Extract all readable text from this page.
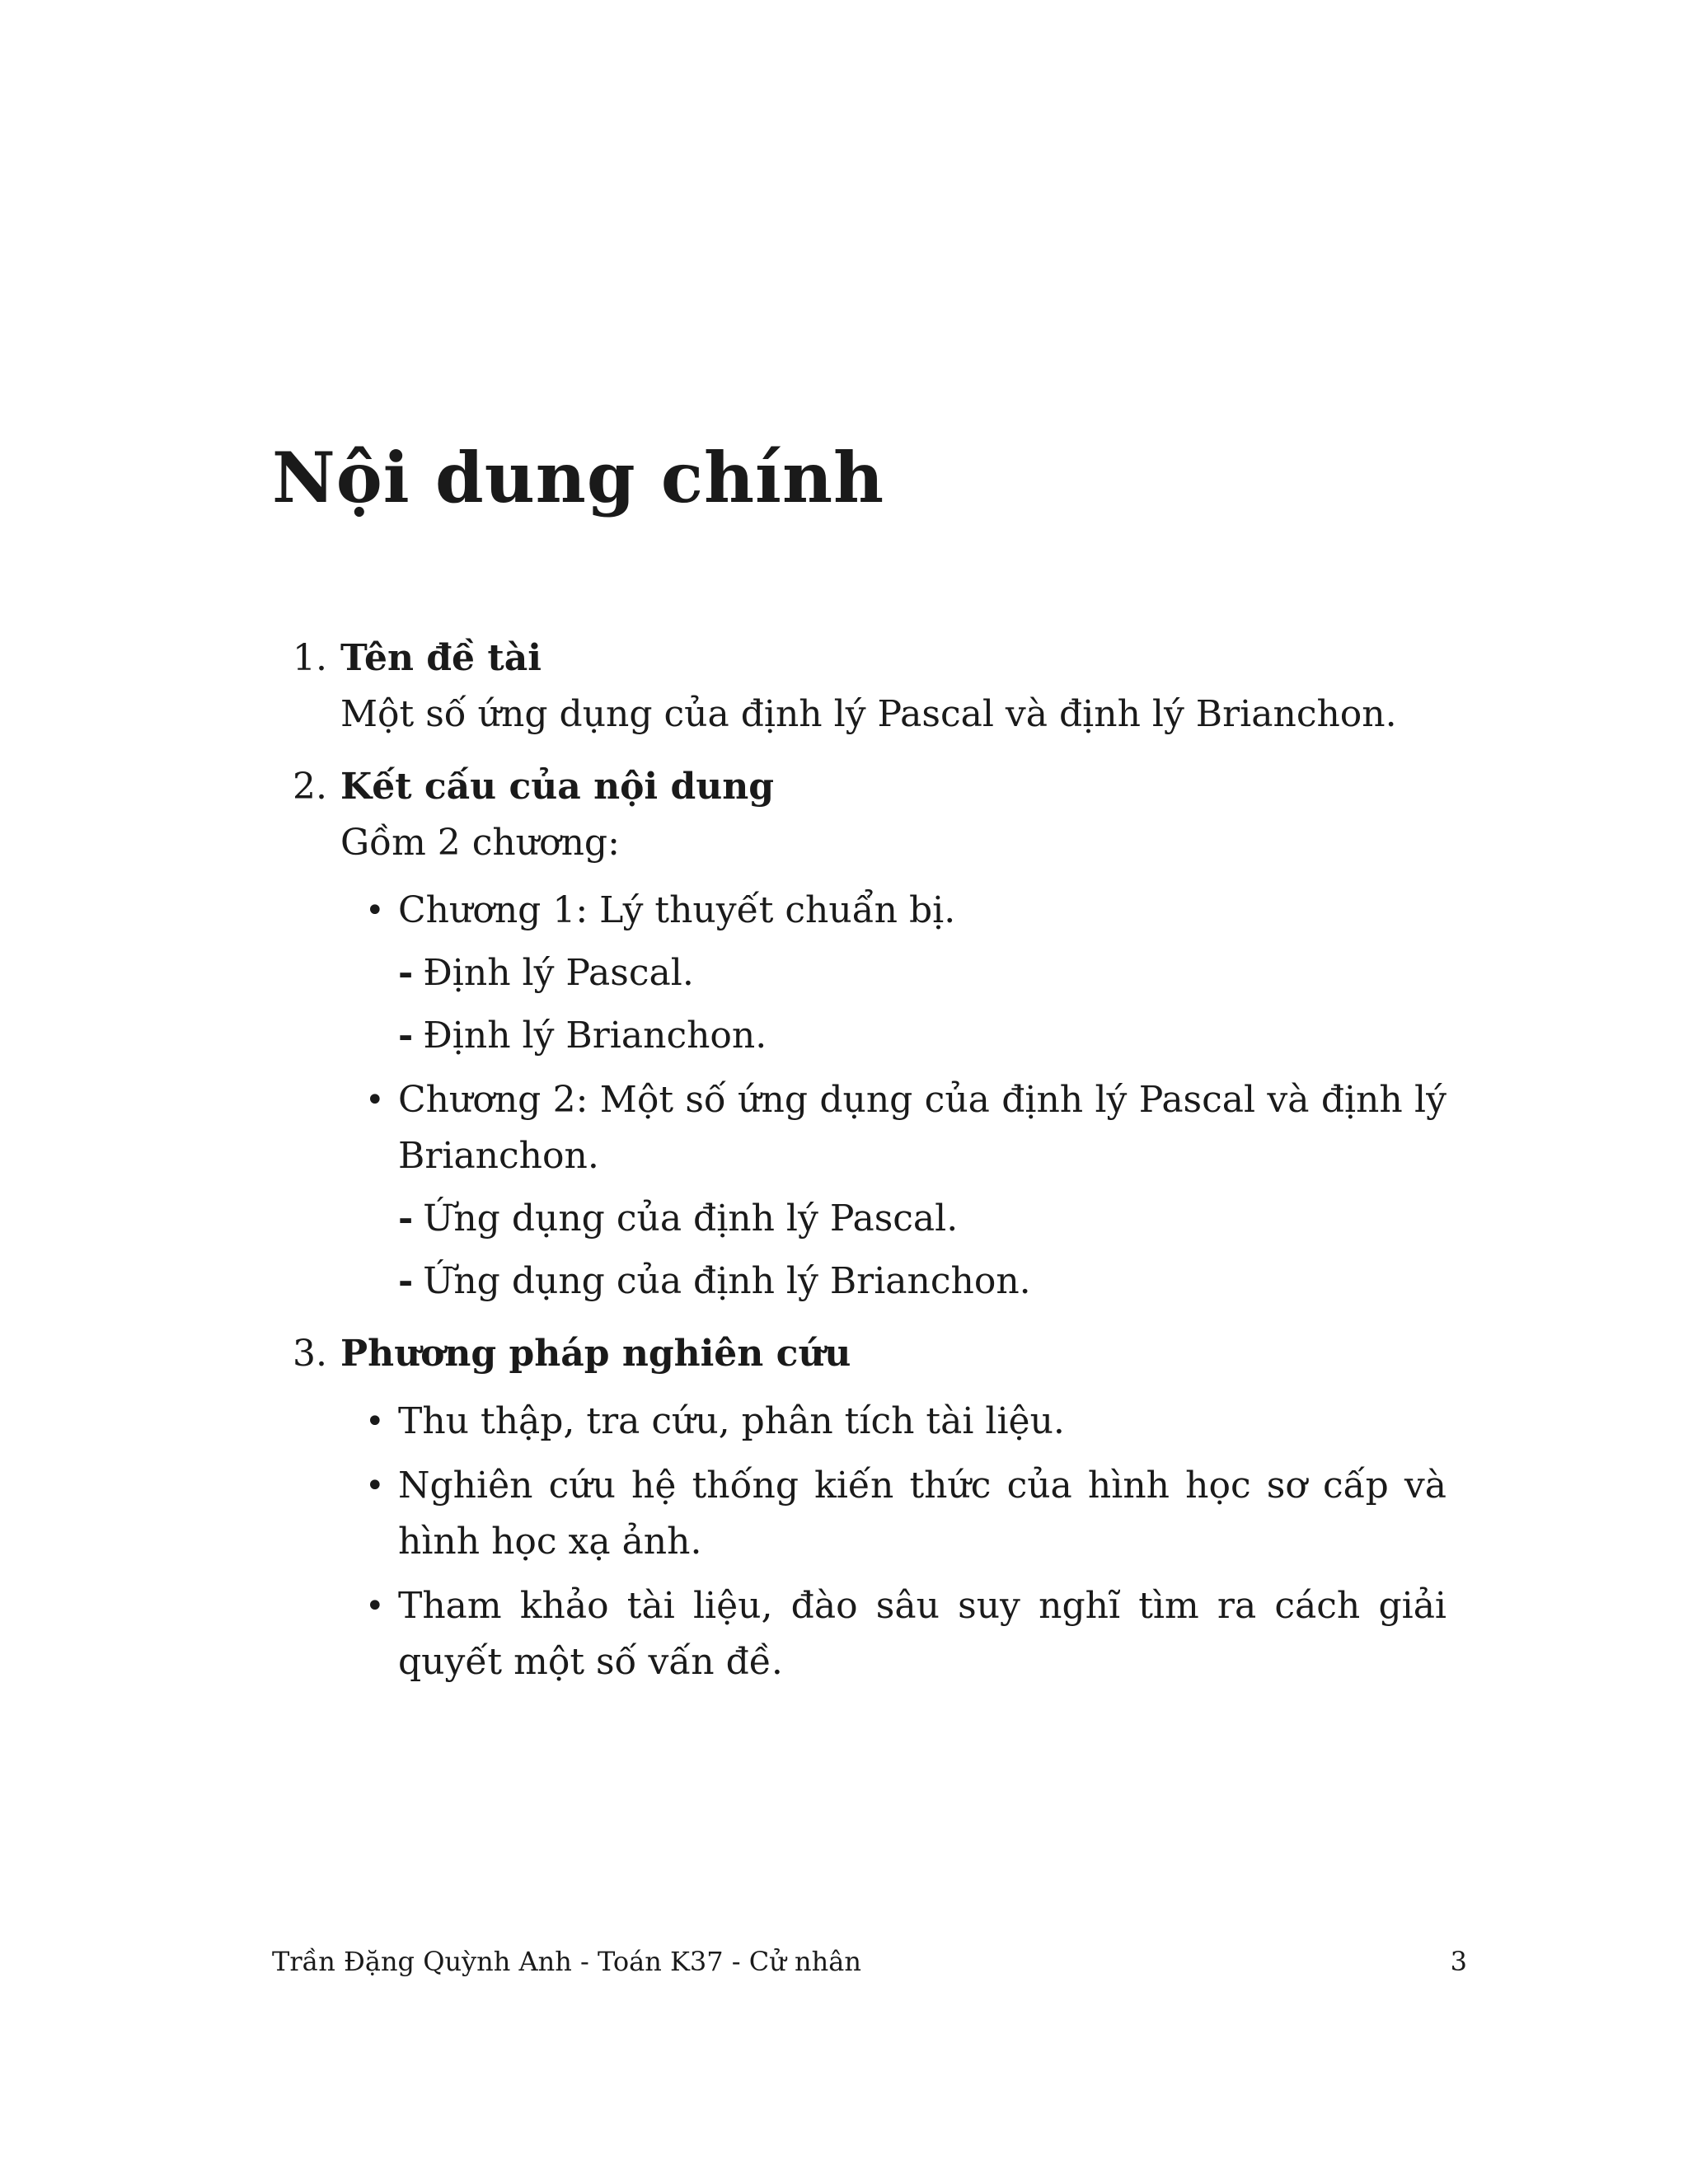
Nội dung chính
1. Tên đề tài
Một số ứng dụng của định lý Pascal và định lý Brianchon.
2. Kết cấu của nội dung
Gồm 2 chương:
• Chương 1: Lý thuyết chuẩn bị.
- Định lý Pascal.
- Định lý Brianchon.
• Chương 2: Một số ứng dụng của định lý Pascal và định lý Brianchon.
- Ứng dụng của định lý Pascal.
- Ứng dụng của định lý Brianchon.
3. Phương pháp nghiên cứu
• Thu thập, tra cứu, phân tích tài liệu.
• Nghiên cứu hệ thống kiến thức của hình học sơ cấp và hình học xạ ảnh.
• Tham khảo tài liệu, đào sâu suy nghĩ tìm ra cách giải quyết một số vấn đề.
Trần Đặng Quỳnh Anh - Toán K37 - Cử nhân	3
